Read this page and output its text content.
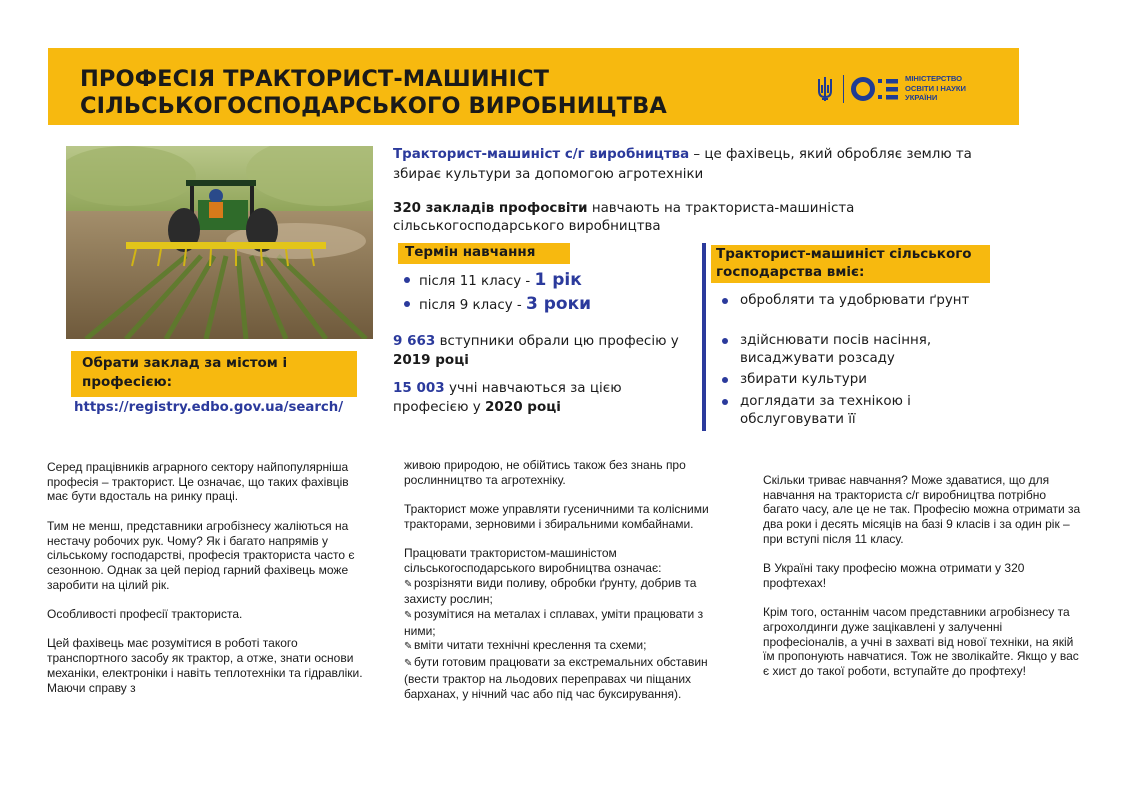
ПРОФЕСІЯ ТРАКТОРИСТ-МАШИНІСТ
СІЛЬСЬКОГОСПОДАРСЬКОГО ВИРОБНИЦТВА
МІНІСТЕРСТВО
ОСВІТИ І НАУКИ
УКРАЇНИ
Обрати заклад за містом і професією:
https://registry.edbo.gov.ua/search/
Тракторист-машиніст с/г виробництва – це фахівець, який обробляє землю та збирає культури за допомогою агротехніки
320 закладів профосвіти навчають на тракториста-машиніста сільськогосподарського виробництва
Термін навчання
після 11 класу - 1 рік
після 9 класу - 3 роки
9 663 вступники обрали цю професію у 2019 році
15 003 учні навчаються за цією професією у 2020 році
Тракторист-машиніст сільського господарства вміє:
обробляти та удобрювати ґрунт
здійснювати посів насіння, висаджувати розсаду
збирати культури
доглядати за технікою і обслуговувати її

Серед працівників аграрного сектору найпопулярніша професія – тракторист. Це означає, що таких фахівців має бути вдосталь на ринку праці.

Тим не менш, представники агробізнесу жаліються на нестачу робочих рук. Чому? Як і багато напрямів у сільському господарстві, професія тракториста часто є сезонною. Однак за цей період гарний фахівець може заробити на цілий рік.

Особливості професії тракториста.

Цей фахівець має розумітися в роботі такого транспортного засобу як трактор, а отже, знати основи механіки, електроніки і навіть теплотехніки та гідравліки. Маючи справу з

живою природою, не обійтись також без знань про рослинництво та агротехніку.

Тракторист може управляти гусеничними та колісними тракторами, зерновими і збиральними комбайнами.

Працювати трактористом-машиністом сільськогосподарського виробництва означає:

✎ розрізняти види поливу, обробки ґрунту, добрив та захисту рослин;
✎ розумітися на металах і сплавах, уміти працювати з ними;
✎ вміти читати технічні креслення та схеми;
✎ бути готовим працювати за екстремальних обставин (вести трактор на льодових переправах чи піщаних барханах, у нічний час або під час буксирування).

Скільки триває навчання? Може здаватися, що для навчання на тракториста с/г виробництва потрібно багато часу, але це не так. Професію можна отримати за два роки і десять місяців на базі 9 класів і за один рік – при вступі після 11 класу.

В Україні таку професію можна отримати у 320 профтехах!

Крім того, останнім часом представники агробізнесу та агрохолдинги дуже зацікавлені у залученні професіоналів, а учні в захваті від нової техніки, на якій їм пропонують навчатися. Тож не зволікайте. Якщо у вас є хист до такої роботи, вступайте до профтеху!
